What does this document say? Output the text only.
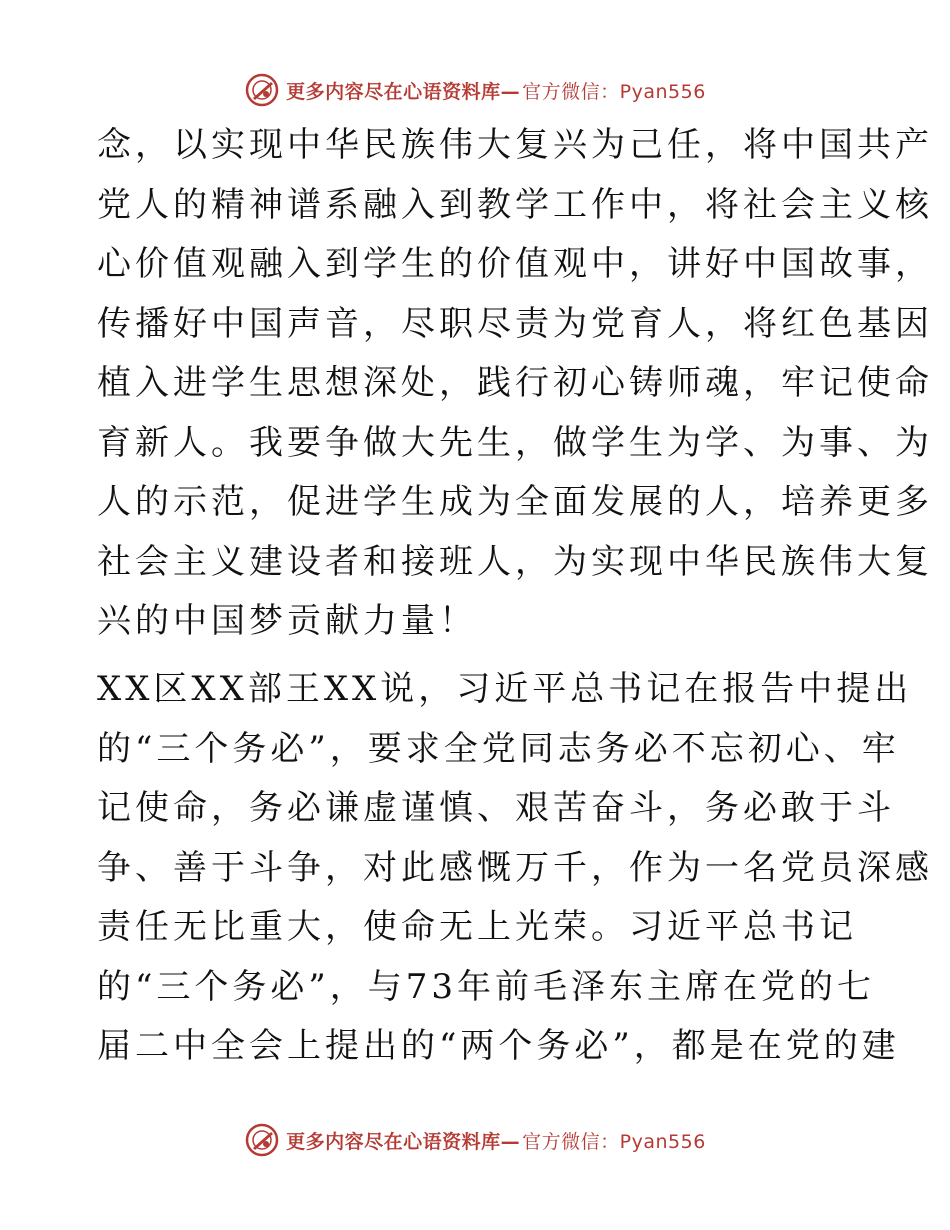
更多内容尽在心语资料库— 官方微信：Pyan556
念，以实现中华民族伟大复兴为己任，将中国共产
党人的精神谱系融入到教学工作中，将社会主义核
心价值观融入到学生的价值观中，讲好中国故事，
传播好中国声音，尽职尽责为党育人，将红色基因
植入进学生思想深处，践行初心铸师魂，牢记使命
育新人。我要争做大先生，做学生为学、为事、为
人的示范，促进学生成为全面发展的人，培养更多
社会主义建设者和接班人，为实现中华民族伟大复
兴的中国梦贡献力量！
XX区XX部王XX说，习近平总书记在报告中提出
的“三个务必”，要求全党同志务必不忘初心、牢
记使命，务必谦虚谨慎、艰苦奋斗，务必敢于斗
争、善于斗争，对此感慨万千，作为一名党员深感
责任无比重大，使命无上光荣。习近平总书记
的“三个务必”，与73年前毛泽东主席在党的七
届二中全会上提出的“两个务必”，都是在党的建
更多内容尽在心语资料库— 官方微信：Pyan556
